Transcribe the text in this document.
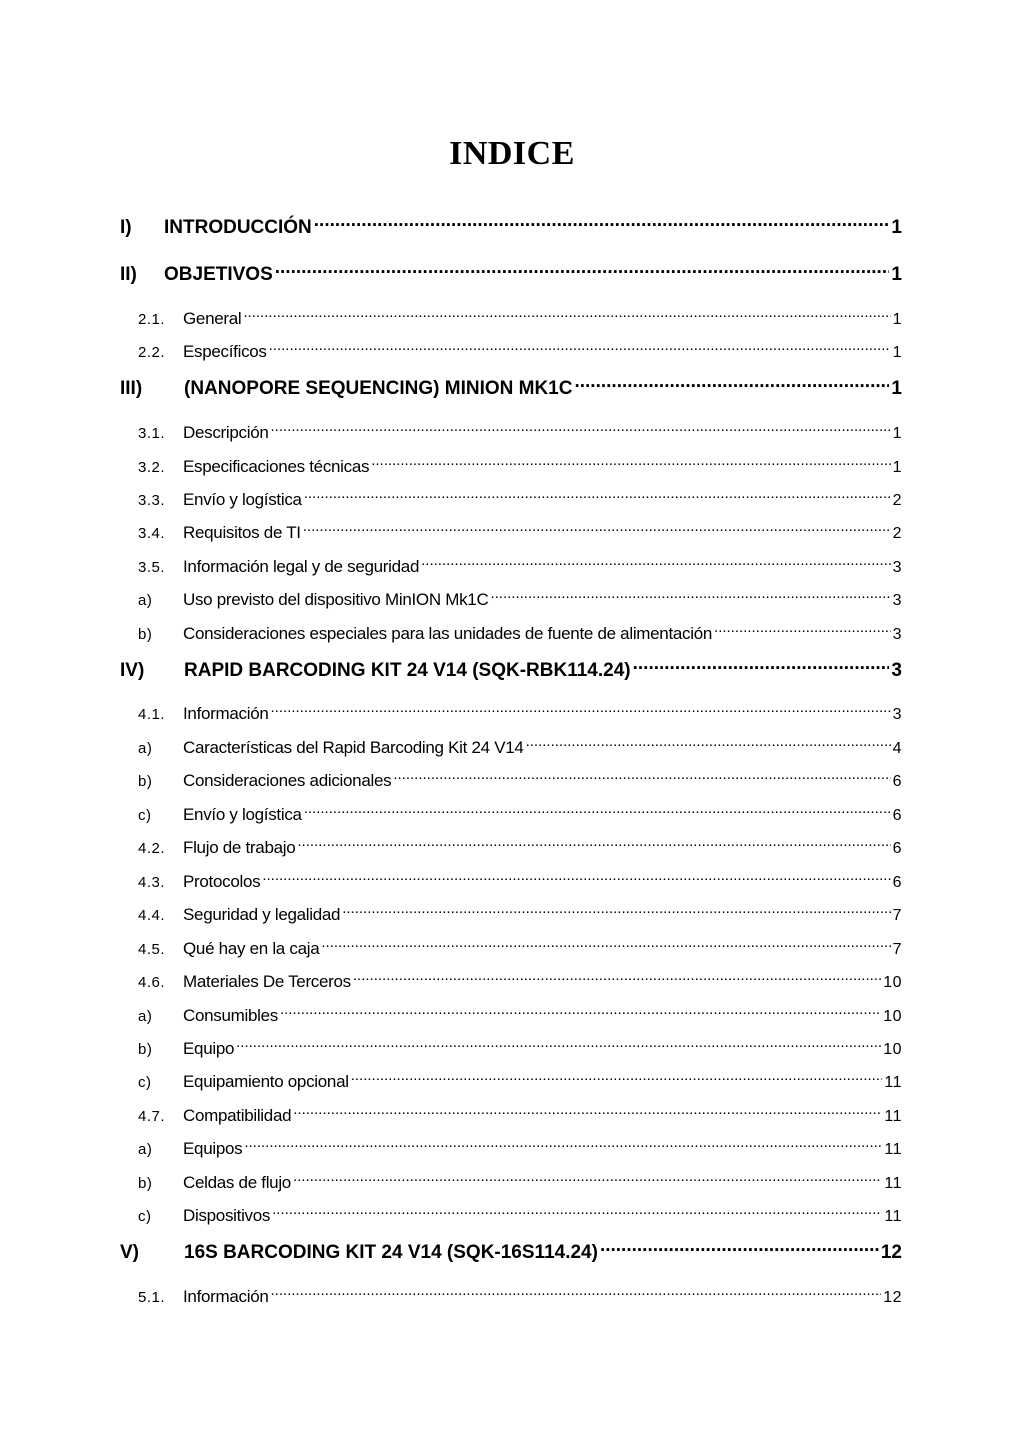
INDICE
I)	INTRODUCCIÓN .....	1
II)	OBJETIVOS .....	1
2.1.	General .....	1
2.2.	Específicos .....	1
III)	(NANOPORE SEQUENCING) MINION MK1C .....	1
3.1.	Descripción .....	1
3.2.	Especificaciones técnicas .....	1
3.3.	Envío y logística .....	2
3.4.	Requisitos de TI .....	2
3.5.	Información legal y de seguridad .....	3
a)	Uso previsto del dispositivo MinION Mk1C .....	3
b)	Consideraciones especiales para las unidades de fuente de alimentación .....	3
IV)	RAPID BARCODING KIT 24 V14 (SQK-RBK114.24) .....	3
4.1.	Información .....	3
a)	Características del Rapid Barcoding Kit 24 V14 .....	4
b)	Consideraciones adicionales .....	6
c)	Envío y logística .....	6
4.2.	Flujo de trabajo .....	6
4.3.	Protocolos .....	6
4.4.	Seguridad y legalidad .....	7
4.5.	Qué hay en la caja .....	7
4.6.	Materiales De Terceros .....	10
a)	Consumibles .....	10
b)	Equipo .....	10
c)	Equipamiento opcional .....	11
4.7.	Compatibilidad .....	11
a)	Equipos .....	11
b)	Celdas de flujo .....	11
c)	Dispositivos .....	11
V)	16S BARCODING KIT 24 V14 (SQK-16S114.24) .....	12
5.1.	Información .....	12
